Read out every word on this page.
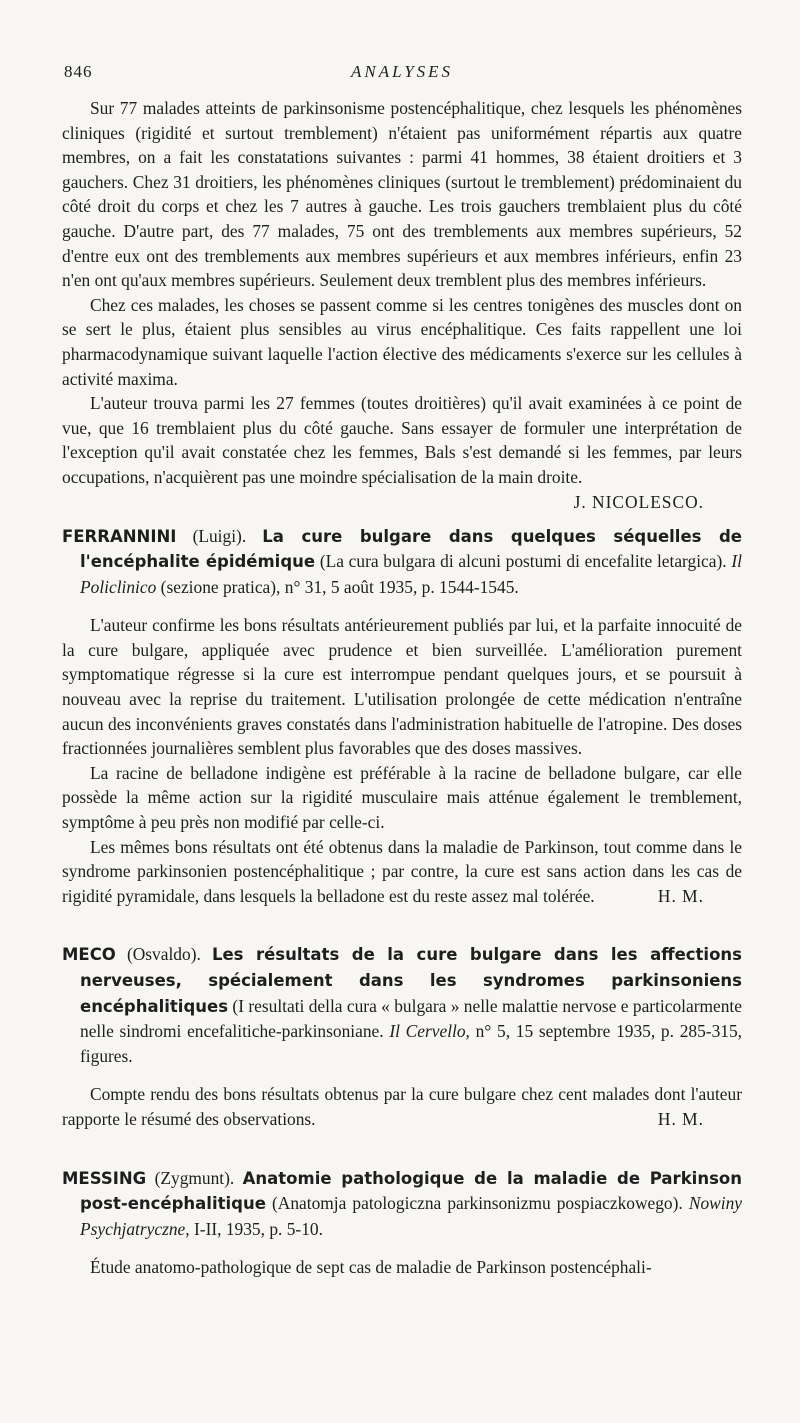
846	ANALYSES

Sur 77 malades atteints de parkinsonisme postencéphalitique, chez lesquels les phénomènes cliniques (rigidité et surtout tremblement) n'étaient pas uniformément répartis aux quatre membres, on a fait les constatations suivantes : parmi 41 hommes, 38 étaient droitiers et 3 gauchers. Chez 31 droitiers, les phénomènes cliniques (surtout le tremblement) prédominaient du côté droit du corps et chez les 7 autres à gauche. Les trois gauchers tremblaient plus du côté gauche. D'autre part, des 77 malades, 75 ont des tremblements aux membres supérieurs, 52 d'entre eux ont des tremblements aux membres supérieurs et aux membres inférieurs, enfin 23 n'en ont qu'aux membres supérieurs. Seulement deux tremblent plus des membres inférieurs.

Chez ces malades, les choses se passent comme si les centres tonigènes des muscles dont on se sert le plus, étaient plus sensibles au virus encéphalitique. Ces faits rappellent une loi pharmacodynamique suivant laquelle l'action élective des médicaments s'exerce sur les cellules à activité maxima.

L'auteur trouva parmi les 27 femmes (toutes droitières) qu'il avait examinées à ce point de vue, que 16 tremblaient plus du côté gauche. Sans essayer de formuler une interprétation de l'exception qu'il avait constatée chez les femmes, Bals s'est demandé si les femmes, par leurs occupations, n'acquièrent pas une moindre spécialisation de la main droite.
J. NICOLESCO.

FERRANNINI (Luigi). La cure bulgare dans quelques séquelles de l'encéphalite épidémique (La cura bulgara di alcuni postumi di encefalite letargica). Il Policlinico (sezione pratica), n° 31, 5 août 1935, p. 1544-1545.

L'auteur confirme les bons résultats antérieurement publiés par lui, et la parfaite innocuité de la cure bulgare, appliquée avec prudence et bien surveillée. L'amélioration purement symptomatique régresse si la cure est interrompue pendant quelques jours, et se poursuit à nouveau avec la reprise du traitement. L'utilisation prolongée de cette médication n'entraîne aucun des inconvénients graves constatés dans l'administration habituelle de l'atropine. Des doses fractionnées journalières semblent plus favorables que des doses massives.

La racine de belladone indigène est préférable à la racine de belladone bulgare, car elle possède la même action sur la rigidité musculaire mais atténue également le tremblement, symptôme à peu près non modifié par celle-ci.

Les mêmes bons résultats ont été obtenus dans la maladie de Parkinson, tout comme dans le syndrome parkinsonien postencéphalitique ; par contre, la cure est sans action dans les cas de rigidité pyramidale, dans lesquels la belladone est du reste assez mal tolérée.	H. M.

MECO (Osvaldo). Les résultats de la cure bulgare dans les affections nerveuses, spécialement dans les syndromes parkinsoniens encéphalitiques (I resultati della cura « bulgara » nelle malattie nervose e particolarmente nelle sindromi encefalitiche-parkinsoniane. Il Cervello, n° 5, 15 septembre 1935, p. 285-315, figures.

Compte rendu des bons résultats obtenus par la cure bulgare chez cent malades dont l'auteur rapporte le résumé des observations.	H. M.

MESSING (Zygmunt). Anatomie pathologique de la maladie de Parkinson post-encéphalitique (Anatomja patologiczna parkinsonizmu pospiaczkowego). Nowiny Psychjatryczne, I-II, 1935, p. 5-10.

Étude anatomo-pathologique de sept cas de maladie de Parkinson postencéphali-
